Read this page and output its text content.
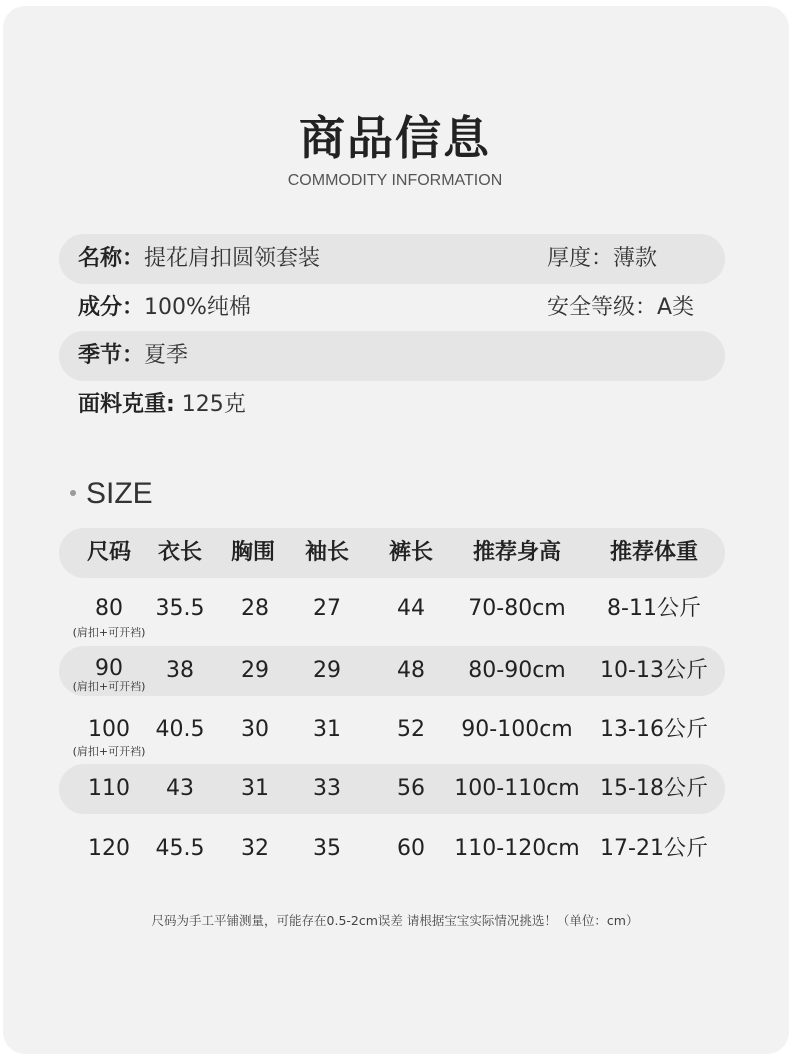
商品信息
COMMODITY INFORMATION
名称：提花肩扣圆领套装	厚度：薄款
成分：100%纯棉	安全等级：A类
季节：夏季
面料克重: 125克
SIZE
尺码 衣长 胸围 袖长 裤长 推荐身高 推荐体重
80 35.5 28 27	44 70-80cm 8-11公斤
(肩扣+可开裆)
90 38 29 29	48 80-90cm 10-13公斤
(肩扣+可开裆)
100 40.5 30 31	52 90-100cm 13-16公斤
(肩扣+可开裆)
110 43 31 33	56 100-110cm 15-18公斤
120 45.5 32 35	60 110-120cm 17-21公斤
尺码为手工平铺测量，可能存在0.5-2cm误差 请根据宝宝实际情况挑选！（单位：cm）
